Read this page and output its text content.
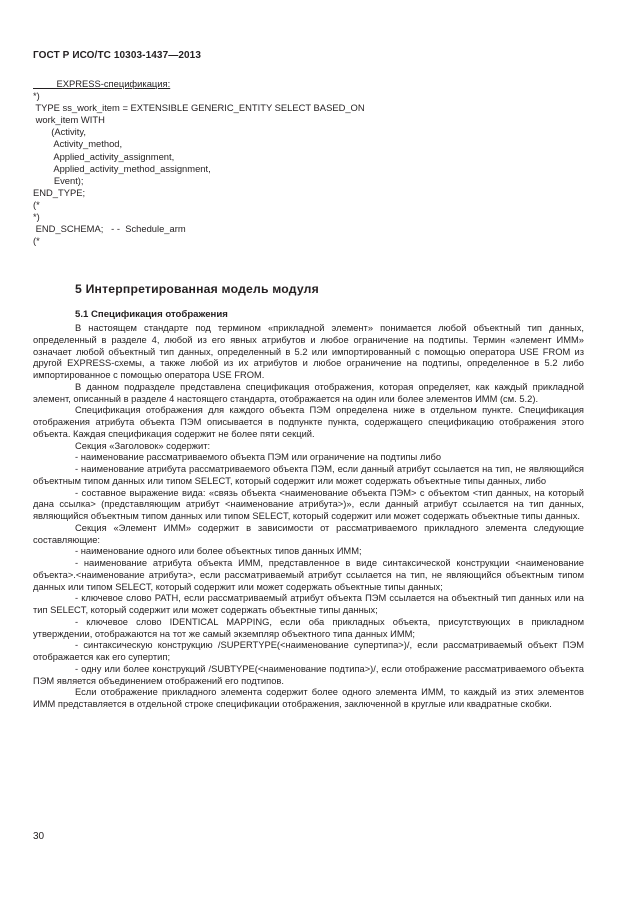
ГОСТ Р ИСО/ТС 10303-1437—2013
EXPRESS-спецификация:
*)
TYPE ss_work_item = EXTENSIBLE GENERIC_ENTITY SELECT BASED_ON
work_item WITH
(Activity,
Activity_method,
Applied_activity_assignment,
Applied_activity_method_assignment,
Event);
END_TYPE;
(*
*)
END_SCHEMA;   - -  Schedule_arm
(*
5 Интерпретированная модель модуля
5.1 Спецификация отображения

В настоящем стандарте под термином «прикладной элемент» понимается любой объектный тип данных, определенный в разделе 4, любой из его явных атрибутов и любое ограничение на подтипы. Термин «элемент ИММ» означает любой объектный тип данных, определенный в 5.2 или импортированный с помощью оператора USE FROM из другой EXPRESS-схемы, а также любой из их атрибутов и любое ограничение на подтипы, определенное в 5.2 либо импортированное с помощью оператора USE FROM.

В данном подразделе представлена спецификация отображения, которая определяет, как каждый прикладной элемент, описанный в разделе 4 настоящего стандарта, отображается на один или более элементов ИММ (см. 5.2).

Спецификация отображения для каждого объекта ПЭМ определена ниже в отдельном пункте. Спецификация отображения атрибута объекта ПЭМ описывается в подпункте пункта, содержащего спецификацию отображения этого объекта. Каждая спецификация содержит не более пяти секций.

Секция «Заголовок» содержит:

- наименование рассматриваемого объекта ПЭМ или ограничение на подтипы либо

- наименование атрибута рассматриваемого объекта ПЭМ, если данный атрибут ссылается на тип, не являющийся объектным типом данных или типом SELECT, который содержит или может содержать объектные типы данных, либо

- составное выражение вида: «связь объекта <наименование объекта ПЭМ> с объектом <тип данных, на который дана ссылка> (представляющим атрибут <наименование атрибута>)», если данный атрибут ссылается на тип данных, являющийся объектным типом данных или типом SELECT, который содержит или может содержать объектные типы данных.

Секция «Элемент ИММ» содержит в зависимости от рассматриваемого прикладного элемента следующие составляющие:

- наименование одного или более объектных типов данных ИММ;

- наименование атрибута объекта ИММ, представленное в виде синтаксической конструкции <наименование объекта>.<наименование атрибута>, если рассматриваемый атрибут ссылается на тип, не являющийся объектным типом данных или типом SELECT, который содержит или может содержать объектные типы данных;

- ключевое слово PATH, если рассматриваемый атрибут объекта ПЭМ ссылается на объектный тип данных или на тип SELECT, который содержит или может содержать объектные типы данных;

- ключевое слово IDENTICAL MAPPING, если оба прикладных объекта, присутствующих в прикладном утверждении, отображаются на тот же самый экземпляр объектного типа данных ИММ;

- синтаксическую конструкцию /SUPERTYPE(<наименование супертипа>)/, если рассматриваемый объект ПЭМ отображается как его супертип;

- одну или более конструкций /SUBTYPE(<наименование подтипа>)/, если отображение рассматриваемого объекта ПЭМ является объединением отображений его подтипов.

Если отображение прикладного элемента содержит более одного элемента ИММ, то каждый из этих элементов ИММ представляется в отдельной строке спецификации отображения, заключенной в круглые или квадратные скобки.

30
